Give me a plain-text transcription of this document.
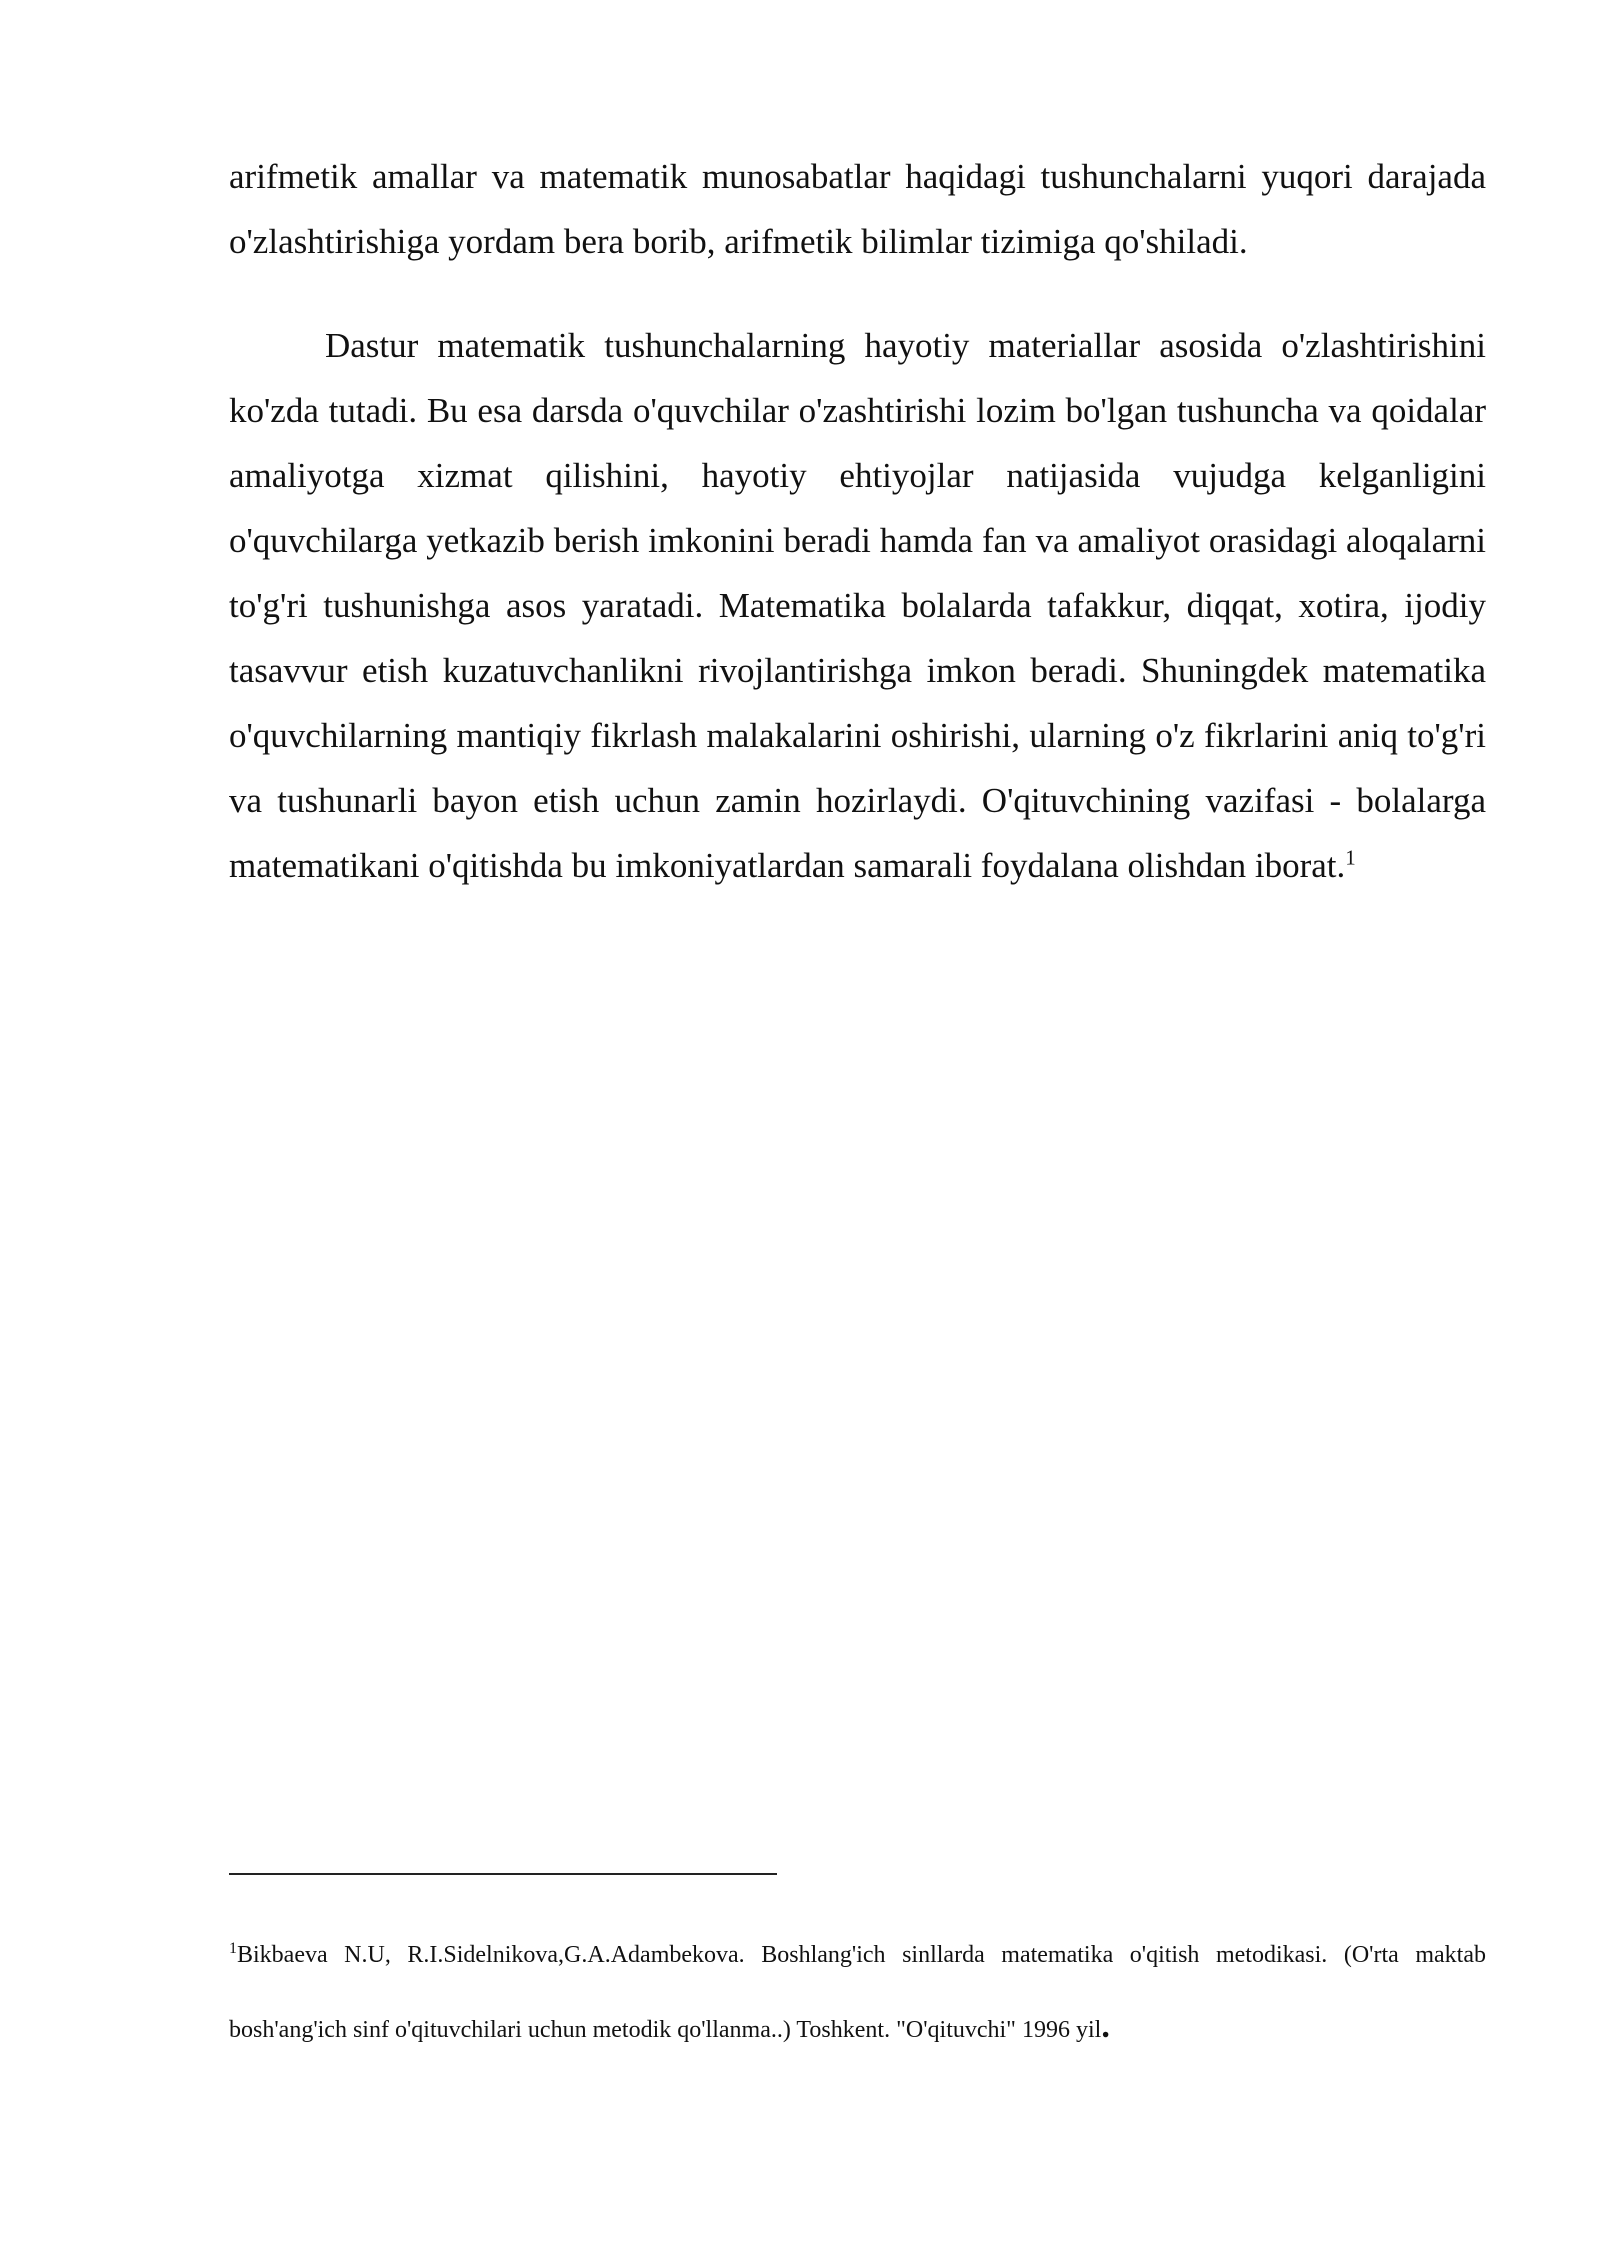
arifmetik amallar va matematik munosabatlar haqidagi tushunchalarni yuqori darajada o'zlashtirishiga yordam bera borib, arifmetik bilimlar tizimiga qo'shiladi.

Dastur matematik tushunchalarning hayotiy materiallar asosida o'zlashtirishini ko'zda tutadi. Bu esa darsda o'quvchilar o'zashtirishi lozim bo'lgan tushuncha va qoidalar amaliyotga xizmat qilishini, hayotiy ehtiyojlar natijasida vujudga kelganligini o'quvchilarga yetkazib berish imkonini beradi hamda fan va amaliyot orasidagi aloqalarni to'g'ri tushunishga asos yaratadi. Matematika bolalarda tafakkur, diqqat, xotira, ijodiy tasavvur etish kuzatuvchanlikni rivojlantirishga imkon beradi. Shuningdek matematika o'quvchilarning mantiqiy fikrlash malakalarini oshirishi, ularning o'z fikrlarini aniq to'g'ri va tushunarli bayon etish uchun zamin hozirlaydi. O'qituvchining vazifasi - bolalarga matematikani o'qitishda bu imkoniyatlardan samarali foydalana olishdan iborat.$^1$

$^1$Bikbaeva N.U, R.I.Sidelnikova,G.A.Adambekova. Boshlang'ich sinllarda matematika o'qitish metodikasi. (O'rta maktab bosh'ang'ich sinf o'qituvchilari uchun metodik qo'llanma..) Toshkent. "O'qituvchi" 1996 yil.
